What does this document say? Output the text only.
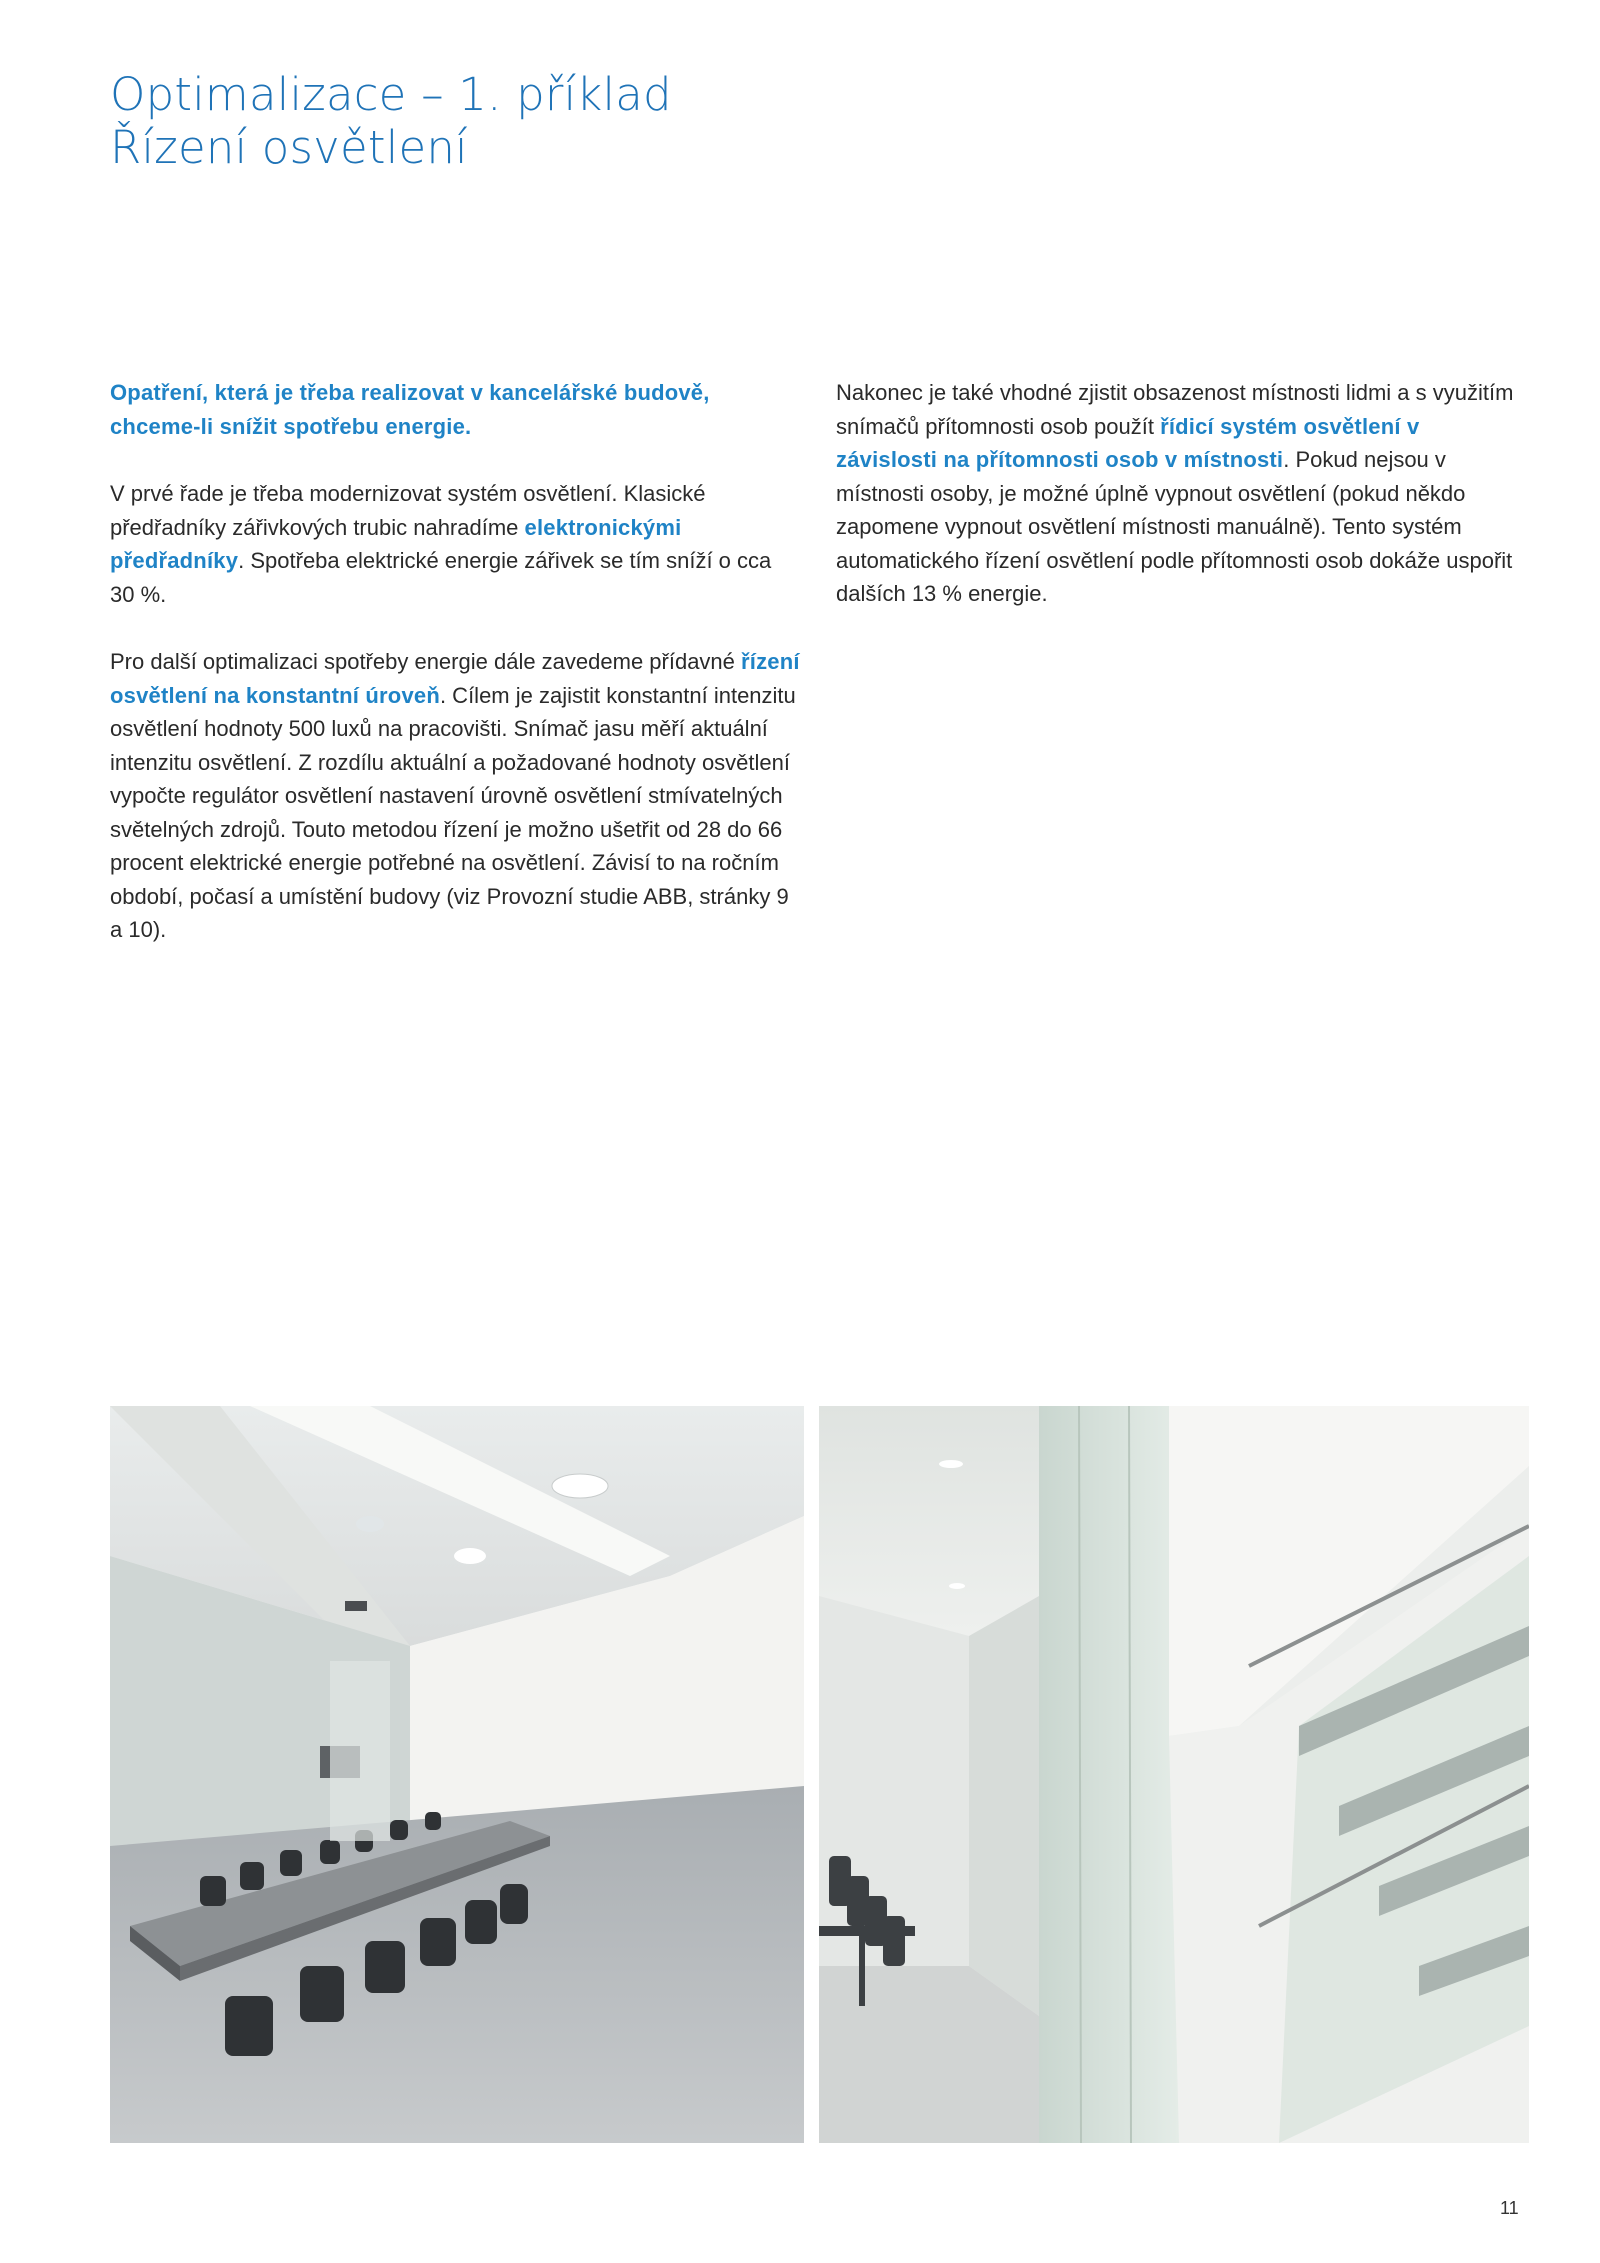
Optimalizace – 1. příklad
Řízení osvětlení

Opatření, která je třeba realizovat v kancelářské budově, chceme-li snížit spotřebu energie.

V prvé řade je třeba modernizovat systém osvětlení. Klasické předřadníky zářivkových trubic nahradíme elektronickými předřadníky. Spotřeba elektrické energie zářivek se tím sníží o cca 30 %.

Pro další optimalizaci spotřeby energie dále zavedeme přídavné řízení osvětlení na konstantní úroveň. Cílem je zajistit konstantní intenzitu osvětlení hodnoty 500 luxů na pracovišti. Snímač jasu měří aktuální intenzitu osvětlení. Z rozdílu aktuální a požadované hodnoty osvětlení vypočte regulátor osvětlení nastavení úrovně osvětlení stmívatelných světelných zdrojů. Touto metodou řízení je možno ušetřit od 28 do 66 procent elektrické energie potřebné na osvětlení. Závisí to na ročním období, počasí a umístění budovy (viz Provozní studie ABB, stránky 9 a 10).

Nakonec je také vhodné zjistit obsazenost místnosti lidmi a s využitím snímačů přítomnosti osob použít řídicí systém osvětlení v závislosti na přítomnosti osob v místnosti. Pokud nejsou v místnosti osoby, je možné úplně vypnout osvětlení (pokud někdo zapomene vypnout osvětlení místnosti manuálně). Tento systém automatického řízení osvětlení podle přítomnosti osob dokáže uspořit dalších 13 % energie.

11
